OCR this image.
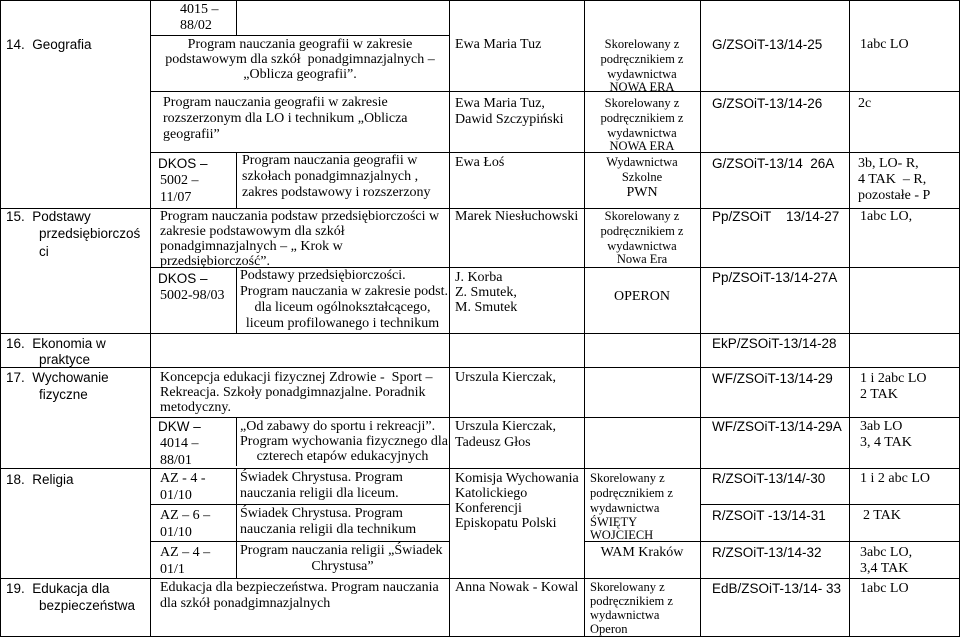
14.  Geografia
4015 –
88/02
Program nauczania geografii w zakresie
podstawowym dla szkół  ponadgimnazjalnych –
„Oblicza geografii”.
Program nauczania geografii w zakresie
rozszerzonym dla LO i technikum „Oblicza
geografii”
DKOS –
5002 –
11/07
Program nauczania geografii w
szkołach ponadgimnazjalnych ,
zakres podstawowy i rozszerzony
Ewa Maria Tuz
Ewa Maria Tuz,
Dawid Szczypiński
Ewa Łoś
Skorelowany z
podręcznikiem z
wydawnictwa
NOWA ERA
Skorelowany z
podręcznikiem z
wydawnictwa
NOWA ERA
Wydawnictwa
Szkolne
PWN
G/ZSOiT-13/14-25
G/ZSOiT-13/14-26
G/ZSOiT-13/14  26A
1abc LO
2c
3b, LO- R,
4 TAK  – R,
pozostałe - P
15.  Podstawy
przedsiębiorczoś
ci
Program nauczania podstaw przedsiębiorczości w
zakresie podstawowym dla szkół
ponadgimnazjalnych – „ Krok w
przedsiębiorczość”.
DKOS –
5002-98/03
Podstawy przedsiębiorczości.
Program nauczania w zakresie podst.
dla liceum ogólnokształcącego,
liceum profilowanego i technikum
Marek Niesłuchowski
J. Korba
Z. Smutek,
M. Smutek
Skorelowany z
podręcznikiem z
wydawnictwa
Nowa Era
OPERON
Pp/ZSOiT    13/14-27
Pp/ZSOiT-13/14-27A
1abc LO,
16.  Ekonomia w
praktyce
EkP/ZSOiT-13/14-28
17.  Wychowanie
fizyczne
Koncepcja edukacji fizycznej Zdrowie -  Sport –
Rekreacja. Szkoły ponadgimnazjalne. Poradnik
metodyczny.
DKW –
4014 –
88/01
„Od zabawy do sportu i rekreacji”.
Program wychowania fizycznego dla
czterech etapów edukacyjnych
Urszula Kierczak,
Urszula Kierczak,
Tadeusz Głos
WF/ZSOiT-13/14-29
WF/ZSOiT-13/14-29A
1 i 2abc LO
2 TAK
3ab LO
3, 4 TAK
18.  Religia	AZ - 4 -
01/10
AZ – 6 –
01/10
AZ – 4 –
01/1
Świadek Chrystusa. Program
nauczania religii dla liceum.
Świadek Chrystusa. Program
nauczania religii dla technikum
Program nauczania religii „Świadek
Chrystusa”
Komisja Wychowania
Katolickiego
Konferencji
Episkopatu Polski
Skorelowany z
podręcznikiem z
wydawnictwa
ŚWIĘTY
WOJCIECH
WAM Kraków
R/ZSOiT-13/14/-30
R/ZSOiT -13/14-31
R/ZSOiT-13/14-32
1 i 2 abc LO
2 TAK
3abc LO,
3,4 TAK
19.  Edukacja dla
bezpieczeństwa
Edukacja dla bezpieczeństwa. Program nauczania
dla szkół ponadgimnazjalnych
Anna Nowak - Kowal Skorelowany z
podręcznikiem z
wydawnictwa
Operon
EdB/ZSOiT-13/14- 33 1abc LO
